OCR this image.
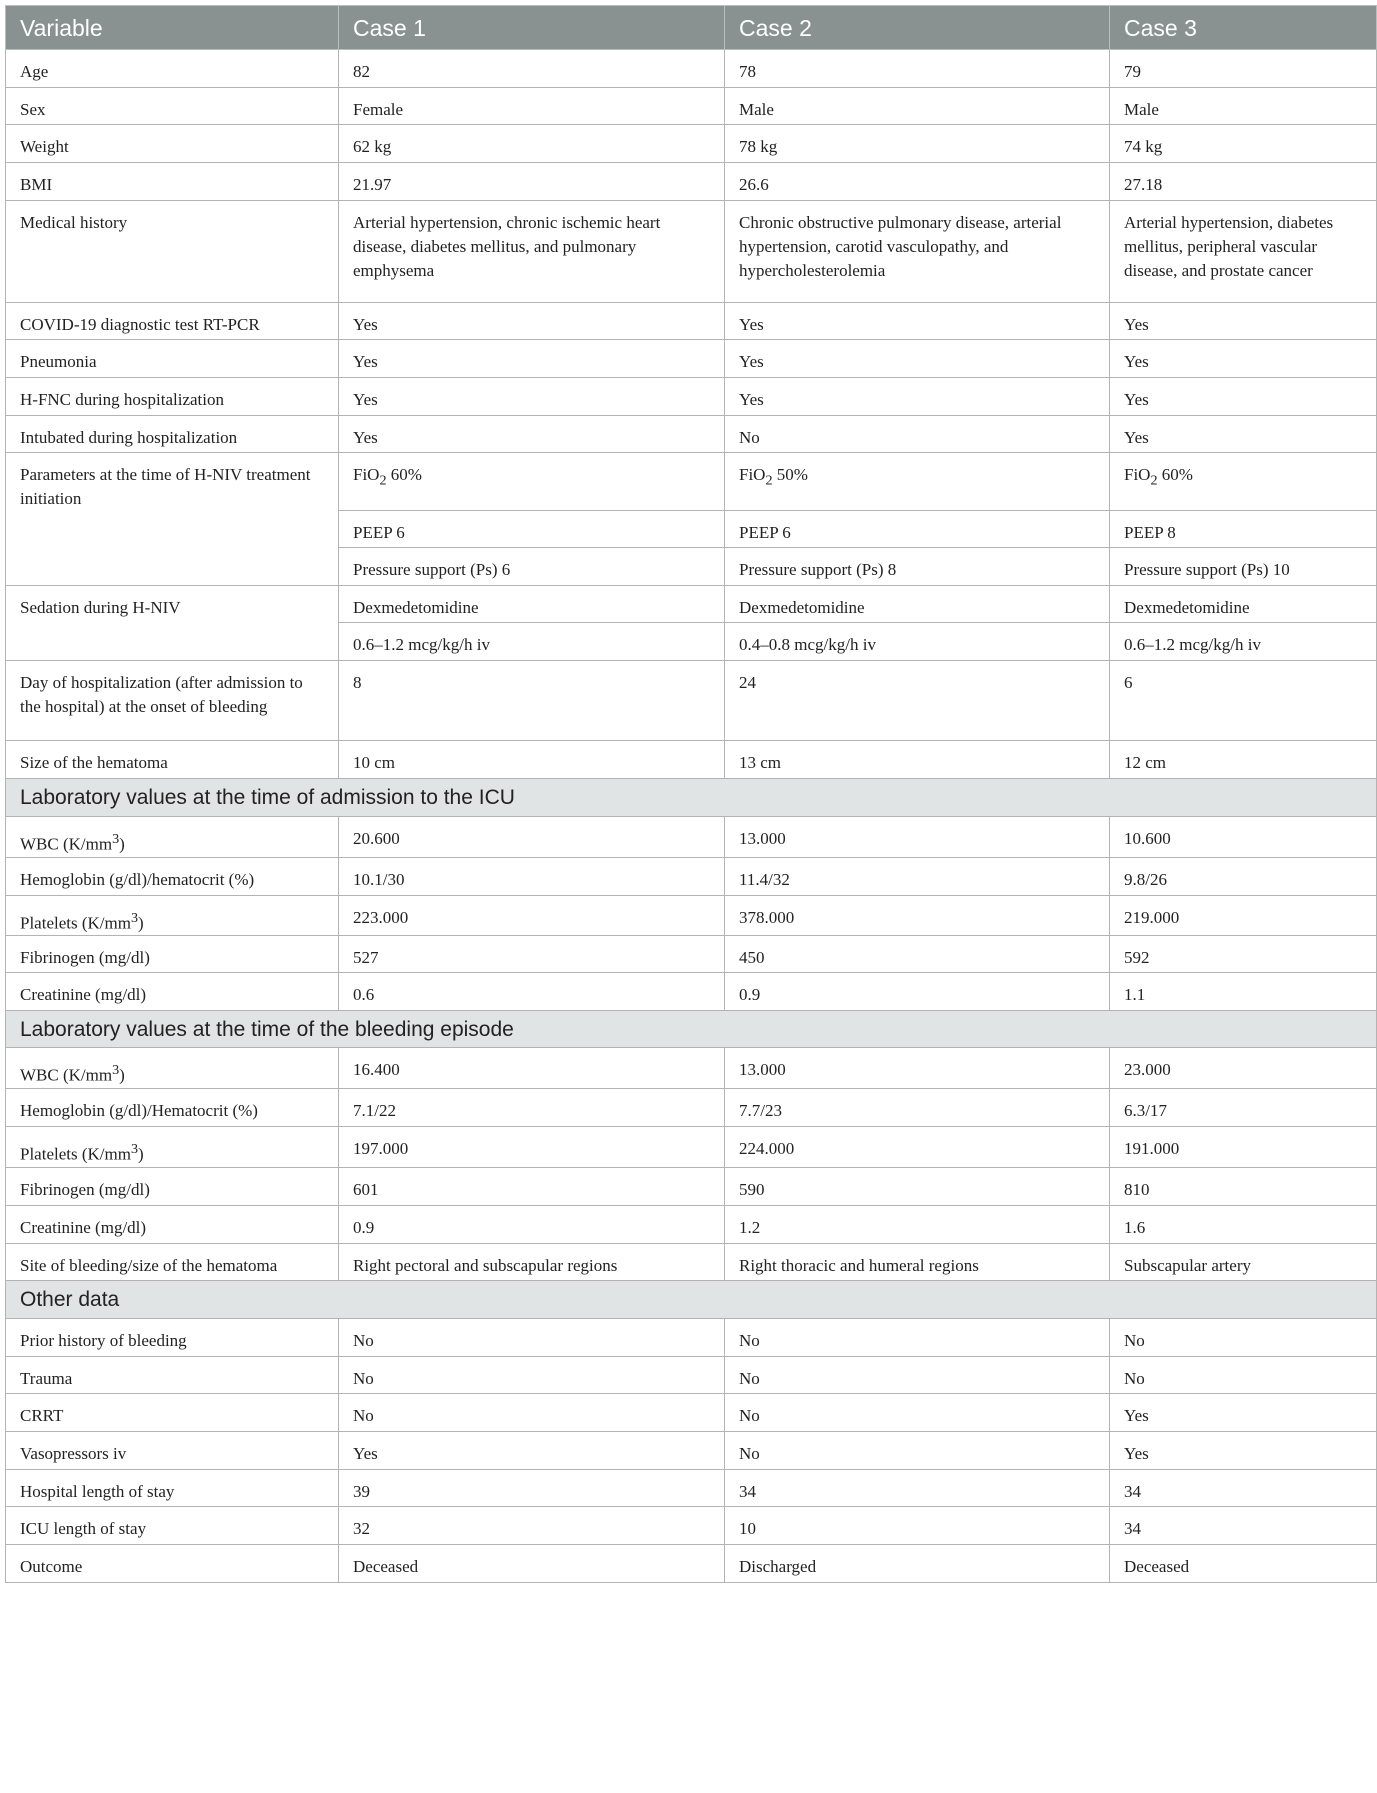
Variable	Case 1	Case 2	Case 3
Age	82	78	79
Sex	Female	Male	Male
Weight	62 kg	78 kg	74 kg
BMI	21.97	26.6	27.18
Medical history	Arterial hypertension, chronic ischemic heart disease, diabetes mellitus, and pulmonary emphysema	Chronic obstructive pulmonary disease, arterial hypertension, carotid vasculopathy, and hypercholesterolemia	Arterial hypertension, diabetes mellitus, peripheral vascular disease, and prostate cancer
COVID-19 diagnostic test RT-PCR	Yes	Yes	Yes
Pneumonia	Yes	Yes	Yes
H-FNC during hospitalization	Yes	Yes	Yes
Intubated during hospitalization	Yes	No	Yes
Parameters at the time of H-NIV treatment initiation	FiO$_2$ 60%	FiO$_2$ 50%	FiO$_2$ 60%
	PEEP 6	PEEP 6	PEEP 8
	Pressure support (Ps) 6	Pressure support (Ps) 8	Pressure support (Ps) 10
Sedation during H-NIV	Dexmedetomidine	Dexmedetomidine	Dexmedetomidine
	0.6–1.2 mcg/kg/h iv	0.4–0.8 mcg/kg/h iv	0.6–1.2 mcg/kg/h iv
Day of hospitalization (after admission to the hospital) at the onset of bleeding	8	24	6
Size of the hematoma	10 cm	13 cm	12 cm
Laboratory values at the time of admission to the ICU			
WBC $(K/mm^3)$	20.600	13.000	10.600
Hemoglobin (g/dl)/hematocrit (%)	10.1/30	11.4/32	9.8/26
Platelets $(K/mm^3)$	223.000	378.000	219.000
Fibrinogen (mg/dl)	527	450	592
Creatinine (mg/dl)	0.6	0.9	1.1
Laboratory values at the time of the bleeding episode			
WBC $(K/mm^3)$	16.400	13.000	23.000
Hemoglobin (g/dl)/Hematocrit (%)	7.1/22	7.7/23	6.3/17
Platelets $(K/mm^3)$	197.000	224.000	191.000
Fibrinogen (mg/dl)	601	590	810
Creatinine (mg/dl)	0.9	1.2	1.6
Site of bleeding/size of the hematoma	Right pectoral and subscapular regions	Right thoracic and humeral regions	Subscapular artery
Other data			
Prior history of bleeding	No	No	No
Trauma	No	No	No
CRRT	No	No	Yes
Vasopressors iv	Yes	No	Yes
Hospital length of stay	39	34	34
ICU length of stay	32	10	34
Outcome	Deceased	Discharged	Deceased
